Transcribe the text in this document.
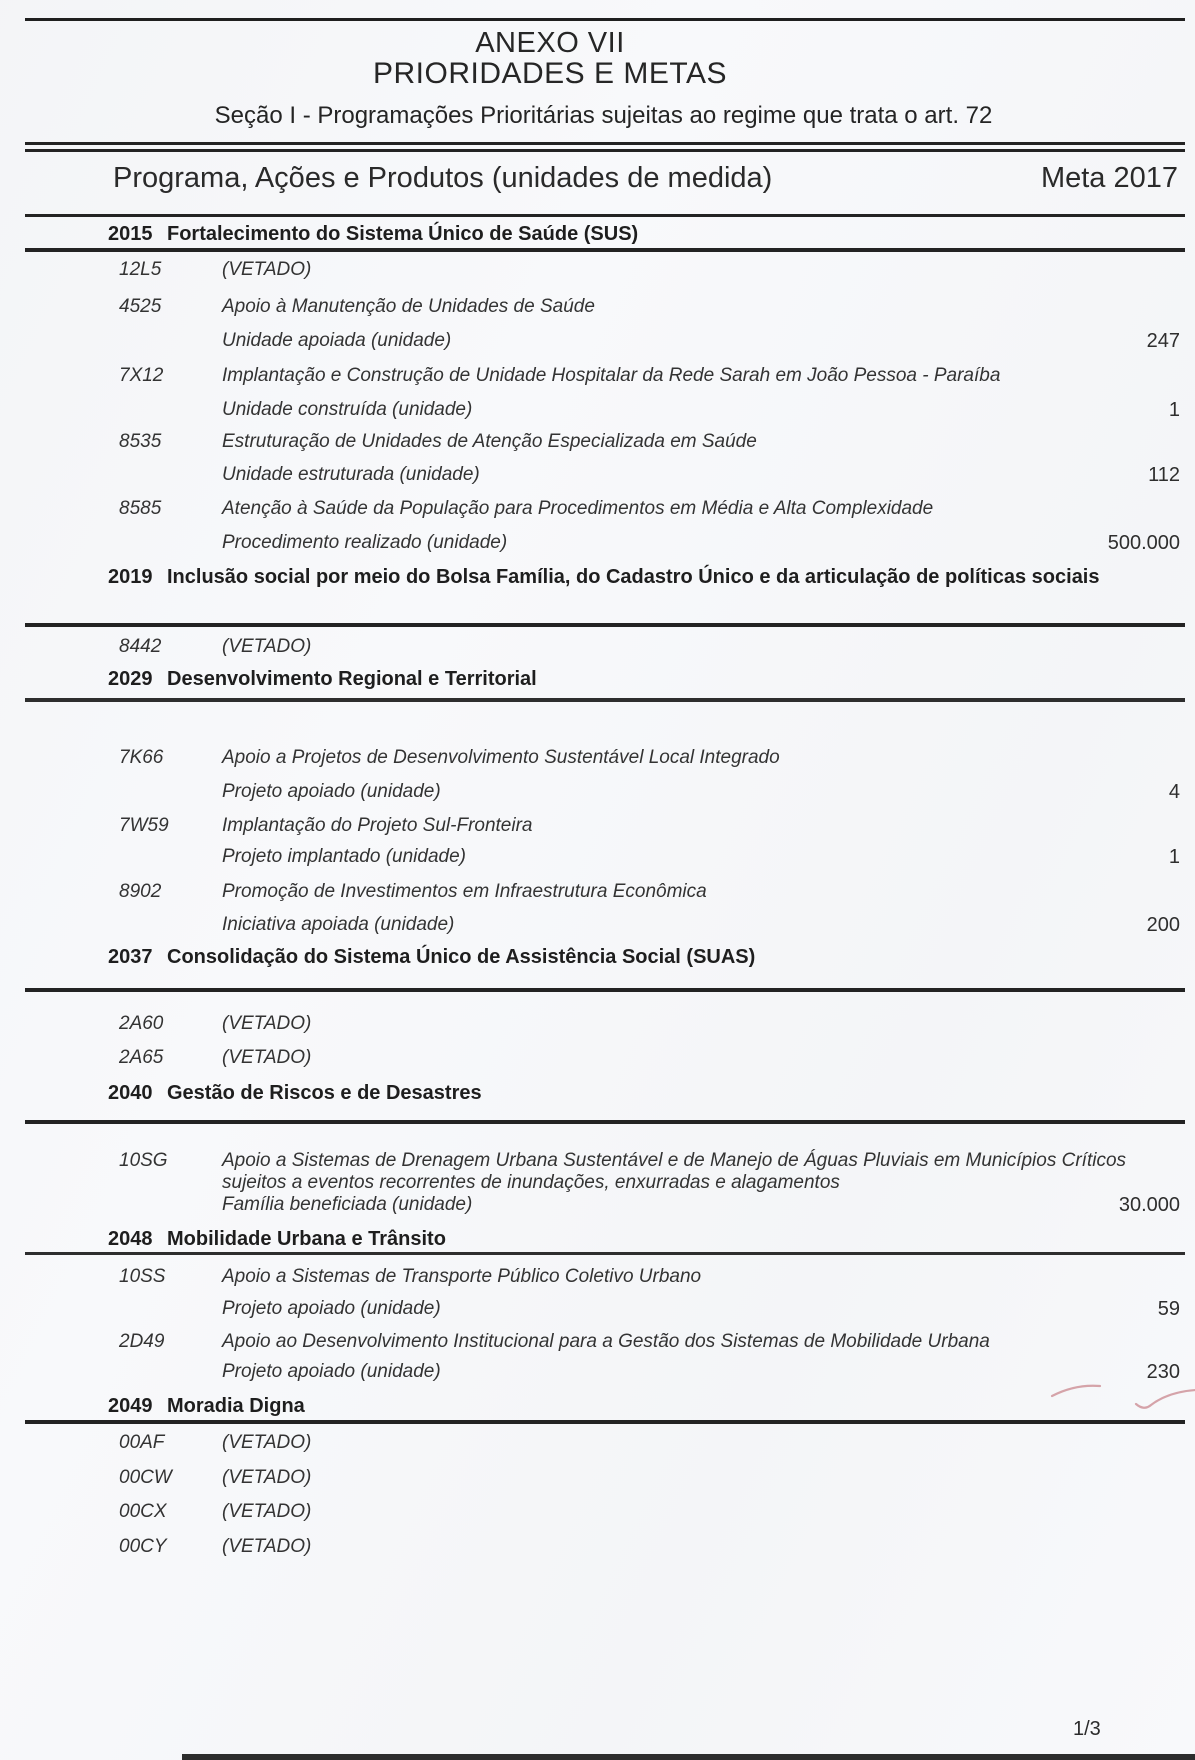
ANEXO VII
PRIORIDADES E METAS
Seção I - Programações Prioritárias sujeitas ao regime que trata o art. 72
Programa, Ações e Produtos (unidades de medida)	Meta 2017
2015 Fortalecimento do Sistema Único de Saúde (SUS)
12L5	(VETADO)
4525	Apoio à Manutenção de Unidades de Saúde
Unidade apoiada (unidade)	247
7X12	Implantação e Construção de Unidade Hospitalar da Rede Sarah em João Pessoa - Paraíba
Unidade construída (unidade)	1
8535	Estruturação de Unidades de Atenção Especializada em Saúde
Unidade estruturada (unidade)	112
8585	Atenção à Saúde da População para Procedimentos em Média e Alta Complexidade
Procedimento realizado (unidade)	500.000
2019 Inclusão social por meio do Bolsa Família, do Cadastro Único e da articulação de políticas sociais
8442	(VETADO)
2029 Desenvolvimento Regional e Territorial
7K66	Apoio a Projetos de Desenvolvimento Sustentável Local Integrado
Projeto apoiado (unidade)	4
7W59	Implantação do Projeto Sul-Fronteira
Projeto implantado (unidade)	1
8902	Promoção de Investimentos em Infraestrutura Econômica
Iniciativa apoiada (unidade)	200
2037 Consolidação do Sistema Único de Assistência Social (SUAS)
2A60	(VETADO)
2A65	(VETADO)
2040 Gestão de Riscos e de Desastres
10SG	Apoio a Sistemas de Drenagem Urbana Sustentável e de Manejo de Águas Pluviais em Municípios Críticos sujeitos a eventos recorrentes de inundações, enxurradas e alagamentos
Família beneficiada (unidade)	30.000
2048 Mobilidade Urbana e Trânsito
10SS	Apoio a Sistemas de Transporte Público Coletivo Urbano
Projeto apoiado (unidade)	59
2D49	Apoio ao Desenvolvimento Institucional para a Gestão dos Sistemas de Mobilidade Urbana
Projeto apoiado (unidade)	230
2049 Moradia Digna
00AF	(VETADO)
00CW	(VETADO)
00CX	(VETADO)
00CY	(VETADO)
1/3
